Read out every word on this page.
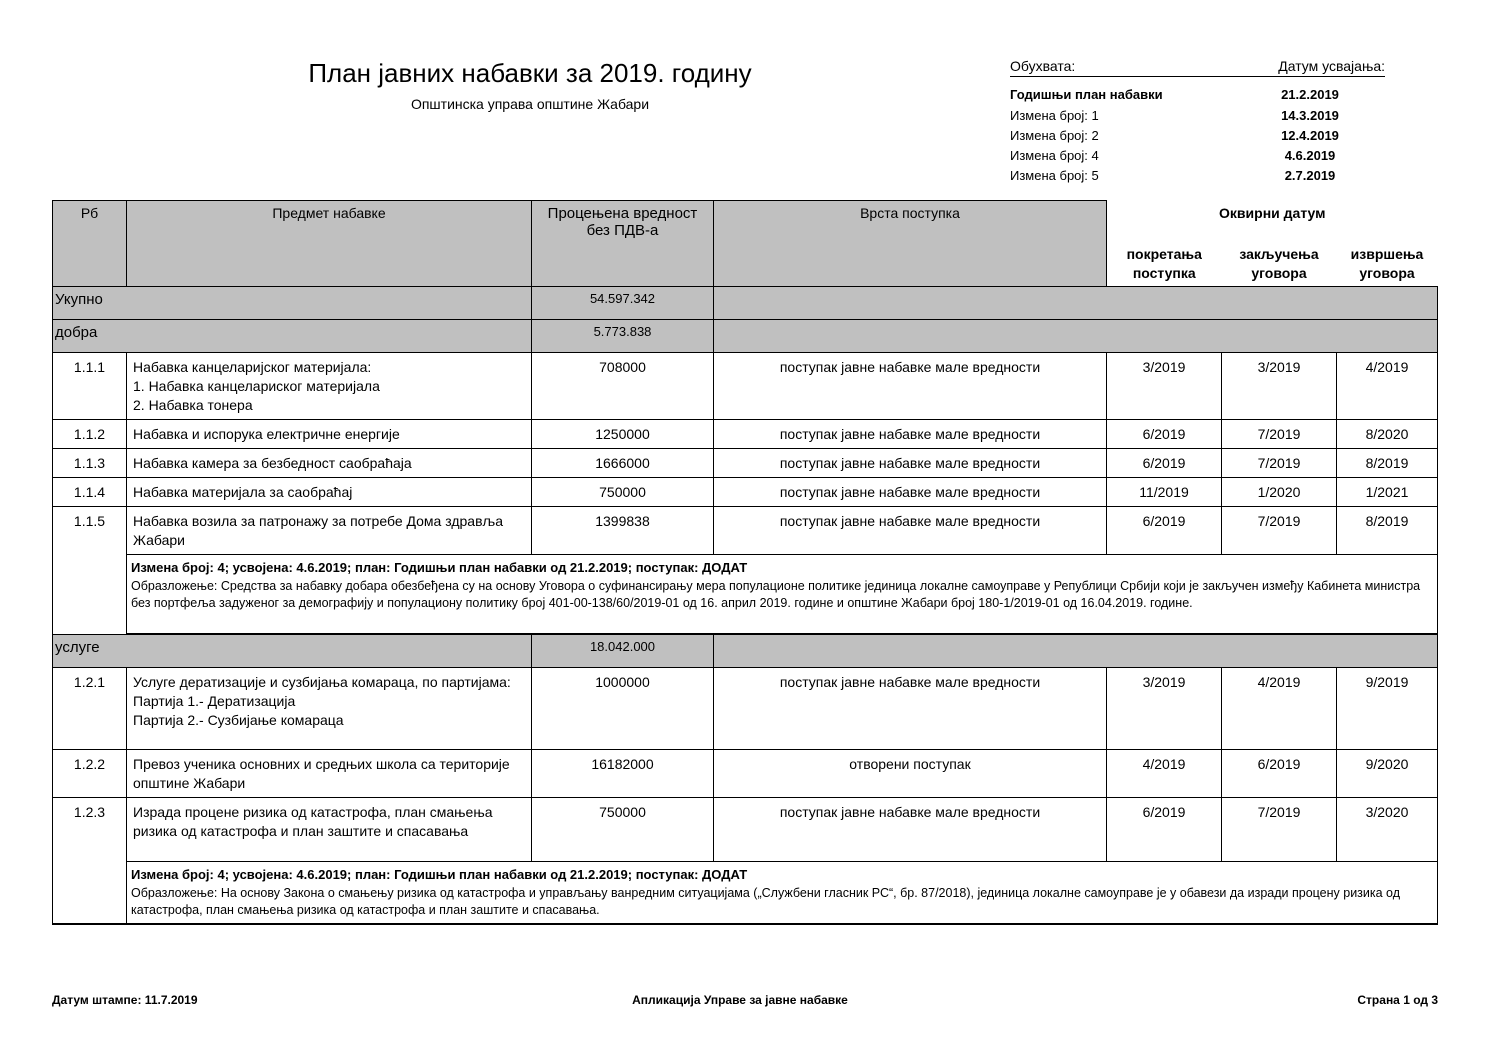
План јавних набавки за 2019. годину
Општинска управа општине Жабари
Обухвата:	Датум усвајања:
Годишњи план набавки	21.2.2019
Измена број: 1	14.3.2019
Измена број: 2	12.4.2019
Измена број: 4	4.6.2019
Измена број: 5	2.7.2019
Рб	Предмет набавке	Процењена вредност без ПДВ-а	Врста поступка	Оквирни датум		
				покретања поступка	закључења уговора	извршења уговора
Укупно		54.597.342				
добра		5.773.838				
1.1.1	Набавка канцеларијског материјала:
1. Набавка канцелариског материјала
2. Набавка тонера	708000	поступак јавне набавке мале вредности	3/2019	3/2019	4/2019
1.1.2	Набавка и испорука електричне енергије	1250000	поступак јавне набавке мале вредности	6/2019	7/2019	8/2020
1.1.3	Набавка камера за безбедност саобраћаја	1666000	поступак јавне набавке мале вредности	6/2019	7/2019	8/2019
1.1.4	Набавка материјала за саобраћај	750000	поступак јавне набавке мале вредности	11/2019	1/2020	1/2021
1.1.5	Набавка возила за патронажу за потребе Дома здравља Жабари	1399838	поступак јавне набавке мале вредности	6/2019	7/2019	8/2019

	Измена број: 4; усвојена: 4.6.2019; план: Годишњи план набавки од 21.2.2019; поступак: ДОДАТ
Образложење: Средства за набавку добара обезбеђена су на основу Уговора о суфинансирању мера популационе политике јединица локалне самоуправе у Републици Србији који је закључен између Кабинета министра без портфеља задуженог за демографију и популациону политику број 401-00-138/60/2019-01 од 16. април 2019. године и општине Жабари број 180-1/2019-01 од 16.04.2019. године.					

услуге		18.042.000				
1.2.1	Услуге дератизације и сузбијања комараца, по партијама:
Партија 1.- Дератизација
Партија 2.- Сузбијање комараца	1000000	поступак јавне набавке мале вредности	3/2019	4/2019	9/2019
1.2.2	Превоз ученика основних и средњих школа са територије општине Жабари	16182000	отворени поступак	4/2019	6/2019	9/2020
1.2.3	Израда процене ризика од катастрофа, план смањења ризика од катастрофа и план заштите и спасавања	750000	поступак јавне набавке мале вредности	6/2019	7/2019	3/2020

	Измена број: 4; усвојена: 4.6.2019; план: Годишњи план набавки од 21.2.2019; поступак: ДОДАТ
Образложење: На основу Закона о смањењу ризика од катастрофа и управљању ванредним ситуацијама („Службени гласник РС“, бр. 87/2018), јединица локалне самоуправе је у обавези да изради процену ризика од катастрофа, план смањења ризика од катастрофа и план заштите и спасавања.					
Датум штампе: 11.7.2019	Апликација Управе за јавне набавке	Страна 1 од 3
